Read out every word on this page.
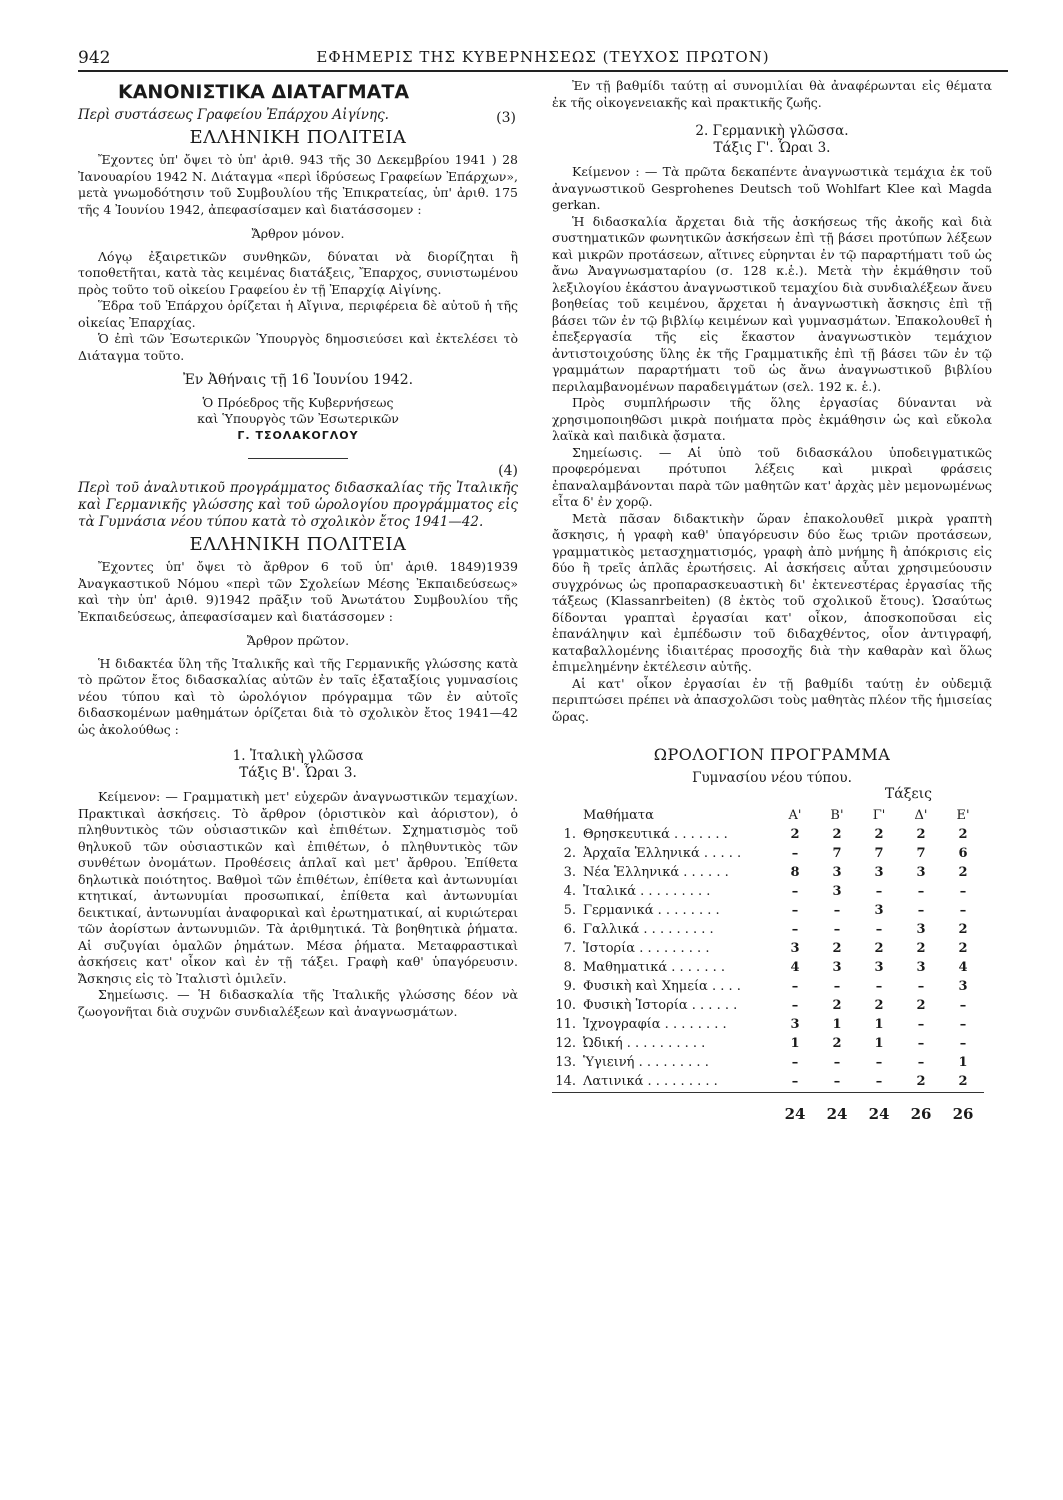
942	ΕΦΗΜΕΡΙΣ ΤΗΣ ΚΥΒΕΡΝΗΣΕΩΣ (ΤΕΥΧΟΣ ΠΡΩΤΟΝ)
ΚΑΝΟΝΙΣΤΙΚΑ ΔΙΑΤΑΓΜΑΤΑ
(3)

Περὶ συστάσεως Γραφείου Ἐπάρχου Αἰγίνης.

ΕΛΛΗΝΙΚΗ ΠΟΛΙΤΕΙΑ

Ἔχοντες ὑπ' ὄψει τὸ ὑπ' ἀριθ. 943 τῆς 30 Δεκεμβρίου 1941 ) 28 Ἰανουαρίου 1942 Ν. Διάταγμα «περὶ ἱδρύσεως Γραφείων Ἐπάρχων», μετὰ γνωμοδότησιν τοῦ Συμβουλίου τῆς Ἐπικρατείας, ὑπ' ἀριθ. 175 τῆς 4 Ἰουνίου 1942, ἀπεφασίσαμεν καὶ διατάσσομεν :

Ἄρθρον μόνον.

Λόγῳ ἐξαιρετικῶν συνθηκῶν, δύναται νὰ διορίζηται ἢ τοποθετῆται, κατὰ τὰς κειμένας διατάξεις, Ἔπαρχος, συνιστωμένου πρὸς τοῦτο τοῦ οἰκείου Γραφείου ἐν τῇ Ἐπαρχίᾳ Αἰγίνης.

Ἕδρα τοῦ Ἐπάρχου ὁρίζεται ἡ Αἴγινα, περιφέρεια δὲ αὐτοῦ ἡ τῆς οἰκείας Ἐπαρχίας.

Ὁ ἐπὶ τῶν Ἐσωτερικῶν Ὑπουργὸς δημοσιεύσει καὶ ἐκτελέσει τὸ Διάταγμα τοῦτο.

Ἐν Ἀθήναις τῇ 16 Ἰουνίου 1942.

Ὁ Πρόεδρος τῆς Κυβερνήσεως

καὶ Ὑπουργὸς τῶν Ἐσωτερικῶν

Γ. ΤΣΟΛΑΚΟΓΛΟΥ

(4)

Περὶ τοῦ ἀναλυτικοῦ προγράμματος διδασκαλίας τῆς Ἰταλικῆς καὶ Γερμανικῆς γλώσσης καὶ τοῦ ὡρολογίου προγράμματος εἰς τὰ Γυμνάσια νέου τύπου κατὰ τὸ σχολικὸν ἔτος 1941—42.

ΕΛΛΗΝΙΚΗ ΠΟΛΙΤΕΙΑ

Ἔχοντες ὑπ' ὄψει τὸ ἄρθρον 6 τοῦ ὑπ' ἀριθ. 1849)1939 Ἀναγκαστικοῦ Νόμου «περὶ τῶν Σχολείων Μέσης Ἐκπαιδεύσεως» καὶ τὴν ὑπ' ἀριθ. 9)1942 πρᾶξιν τοῦ Ἀνωτάτου Συμβουλίου τῆς Ἐκπαιδεύσεως, ἀπεφασίσαμεν καὶ διατάσσομεν :

Ἄρθρον πρῶτον.

Ἡ διδακτέα ὕλη τῆς Ἰταλικῆς καὶ τῆς Γερμανικῆς γλώσσης κατὰ τὸ πρῶτον ἔτος διδασκαλίας αὐτῶν ἐν ταῖς ἑξαταξίοις γυμνασίοις νέου τύπου καὶ τὸ ὡρολόγιον πρόγραμμα τῶν ἐν αὐτοῖς διδασκομένων μαθημάτων ὁρίζεται διὰ τὸ σχολικὸν ἔτος 1941—42 ὡς ἀκολούθως :

1. Ἰταλικὴ γλῶσσα

Τάξις Β'. Ὧραι 3.

Κείμενον: — Γραμματικὴ μετ' εὐχερῶν ἀναγνωστικῶν τεμαχίων. Πρακτικαὶ ἀσκήσεις. Τὸ ἄρθρον (ὁριστικὸν καὶ ἀόριστον), ὁ πληθυντικὸς τῶν οὐσιαστικῶν καὶ ἐπιθέτων. Σχηματισμὸς τοῦ θηλυκοῦ τῶν οὐσιαστικῶν καὶ ἐπιθέτων, ὁ πληθυντικὸς τῶν συνθέτων ὀνομάτων. Προθέσεις ἁπλαῖ καὶ μετ' ἄρθρου. Ἐπίθετα δηλωτικὰ ποιότητος. Βαθμοὶ τῶν ἐπιθέτων, ἐπίθετα καὶ ἀντωνυμίαι κτητικαί, ἀντωνυμίαι προσωπικαί, ἐπίθετα καὶ ἀντωνυμίαι δεικτικαί, ἀντωνυμίαι ἀναφορικαὶ καὶ ἐρωτηματικαί, αἱ κυριώτεραι τῶν ἀορίστων ἀντωνυμιῶν. Τὰ ἀριθμητικά. Τὰ βοηθητικὰ ῥήματα. Αἱ συζυγίαι ὁμαλῶν ῥημάτων. Μέσα ῥήματα. Μεταφραστικαὶ ἀσκήσεις κατ' οἶκον καὶ ἐν τῇ τάξει. Γραφὴ καθ' ὑπαγόρευσιν. Ἄσκησις εἰς τὸ Ἰταλιστὶ ὁμιλεῖν.

Σημείωσις. — Ἡ διδασκαλία τῆς Ἰταλικῆς γλώσσης δέον νὰ ζωογονῆται διὰ συχνῶν συνδιαλέξεων καὶ ἀναγνωσμάτων.

Ἐν τῇ βαθμίδι ταύτῃ αἱ συνομιλίαι θὰ ἀναφέρωνται εἰς θέματα ἐκ τῆς οἰκογενειακῆς καὶ πρακτικῆς ζωῆς.

2. Γερμανικὴ γλῶσσα.

Τάξις Γ'. Ὧραι 3.

Κείμενον : — Τὰ πρῶτα δεκαπέντε ἀναγνωστικὰ τεμάχια ἐκ τοῦ ἀναγνωστικοῦ Gesprohenes Deutsch τοῦ Wohlfart Klee καὶ Magda gerkan.

Ἡ διδασκαλία ἄρχεται διὰ τῆς ἀσκήσεως τῆς ἀκοῆς καὶ διὰ συστηματικῶν φωνητικῶν ἀσκήσεων ἐπὶ τῇ βάσει προτύπων λέξεων καὶ μικρῶν προτάσεων, αἵτινες εὑρηνται ἐν τῷ παραρτήματι τοῦ ὡς ἄνω Ἀναγνωσματαρίου (σ. 128 κ.ἑ.). Μετὰ τὴν ἐκμάθησιν τοῦ λεξιλογίου ἑκάστου ἀναγνωστικοῦ τεμαχίου διὰ συνδιαλέξεων ἄνευ βοηθείας τοῦ κειμένου, ἄρχεται ἡ ἀναγνωστικὴ ἄσκησις ἐπὶ τῇ βάσει τῶν ἐν τῷ βιβλίῳ κειμένων καὶ γυμνασμάτων. Ἐπακολουθεῖ ἡ ἐπεξεργασία τῆς εἰς ἕκαστον ἀναγνωστικὸν τεμάχιον ἀντιστοιχούσης ὕλης ἐκ τῆς Γραμματικῆς ἐπὶ τῇ βάσει τῶν ἐν τῷ γραμμάτων παραρτήματι τοῦ ὡς ἄνω ἀναγνωστικοῦ βιβλίου περιλαμβανομένων παραδειγμάτων (σελ. 192 κ. ἑ.).

Πρὸς συμπλήρωσιν τῆς ὅλης ἐργασίας δύνανται νὰ χρησιμοποιηθῶσι μικρὰ ποιήματα πρὸς ἐκμάθησιν ὡς καὶ εὔκολα λαϊκὰ καὶ παιδικὰ ᾄσματα.

Σημείωσις. — Αἱ ὑπὸ τοῦ διδασκάλου ὑποδειγματικῶς προφερόμεναι πρότυποι λέξεις καὶ μικραὶ φράσεις ἐπαναλαμβάνονται παρὰ τῶν μαθητῶν κατ' ἀρχὰς μὲν μεμονωμένως εἶτα δ' ἐν χορῷ.

Μετὰ πᾶσαν διδακτικὴν ὥραν ἐπακολουθεῖ μικρὰ γραπτὴ ἄσκησις, ἡ γραφὴ καθ' ὑπαγόρευσιν δύο ἕως τριῶν προτάσεων, γραμματικὸς μετασχηματισμός, γραφὴ ἀπὸ μνήμης ἢ ἀπόκρισις εἰς δύο ἢ τρεῖς ἁπλᾶς ἐρωτήσεις. Αἱ ἀσκήσεις αὗται χρησιμεύουσιν συγχρόνως ὡς προπαρασκευαστικὴ δι' ἐκτενεστέρας ἐργασίας τῆς τάξεως (Klassanrbeiten) (8 ἐκτὸς τοῦ σχολικοῦ ἔτους). Ὡσαύτως δίδονται γραπταὶ ἐργασίαι κατ' οἶκον, ἀποσκοποῦσαι εἰς ἐπανάληψιν καὶ ἐμπέδωσιν τοῦ διδαχθέντος, οἷον ἀντιγραφή, καταβαλλομένης ἰδιαιτέρας προσοχῆς διὰ τὴν καθαρὰν καὶ ὅλως ἐπιμελημένην ἐκτέλεσιν αὐτῆς.

Αἱ κατ' οἶκον ἐργασίαι ἐν τῇ βαθμίδι ταύτῃ ἐν οὐδεμιᾷ περιπτώσει πρέπει νὰ ἀπασχολῶσι τοὺς μαθητὰς πλέον τῆς ἡμισείας ὥρας.

ΩΡΟΛΟΓΙΟΝ ΠΡΟΓΡΑΜΜΑ

Γυμνασίου νέου τύπου.

Τάξεις
	Μαθήματα	Α'	Β'	Γ'	Δ'	Ε'
1.	Θρησκευτικά . . . . . . .	2	2	2	2	2
2.	Ἀρχαῖα Ἑλληνικά . . . . .	–	7	7	7	6
3.	Νέα Ἑλληνικά . . . . . .	8	3	3	3	2
4.	Ἰταλικά . . . . . . . . .	–	3	–	–	–
5.	Γερμανικά . . . . . . . .	–	–	3	–	–
6.	Γαλλικά . . . . . . . . .	–	–	–	3	2
7.	Ἱστορία . . . . . . . . .	3	2	2	2	2
8.	Μαθηματικά . . . . . . .	4	3	3	3	4
9.	Φυσικὴ καὶ Χημεία . . . .	–	–	–	–	3
10.	Φυσικὴ Ἱστορία . . . . . .	–	2	2	2	–
11.	Ἰχνογραφία . . . . . . . .	3	1	1	–	–
12.	Ὠδική . . . . . . . . . .	1	2	1	–	–
13.	Ὑγιεινή . . . . . . . . .	–	–	–	–	1
14.	Λατινικά . . . . . . . . .	–	–	–	2	2
		24	24	24	26	26
